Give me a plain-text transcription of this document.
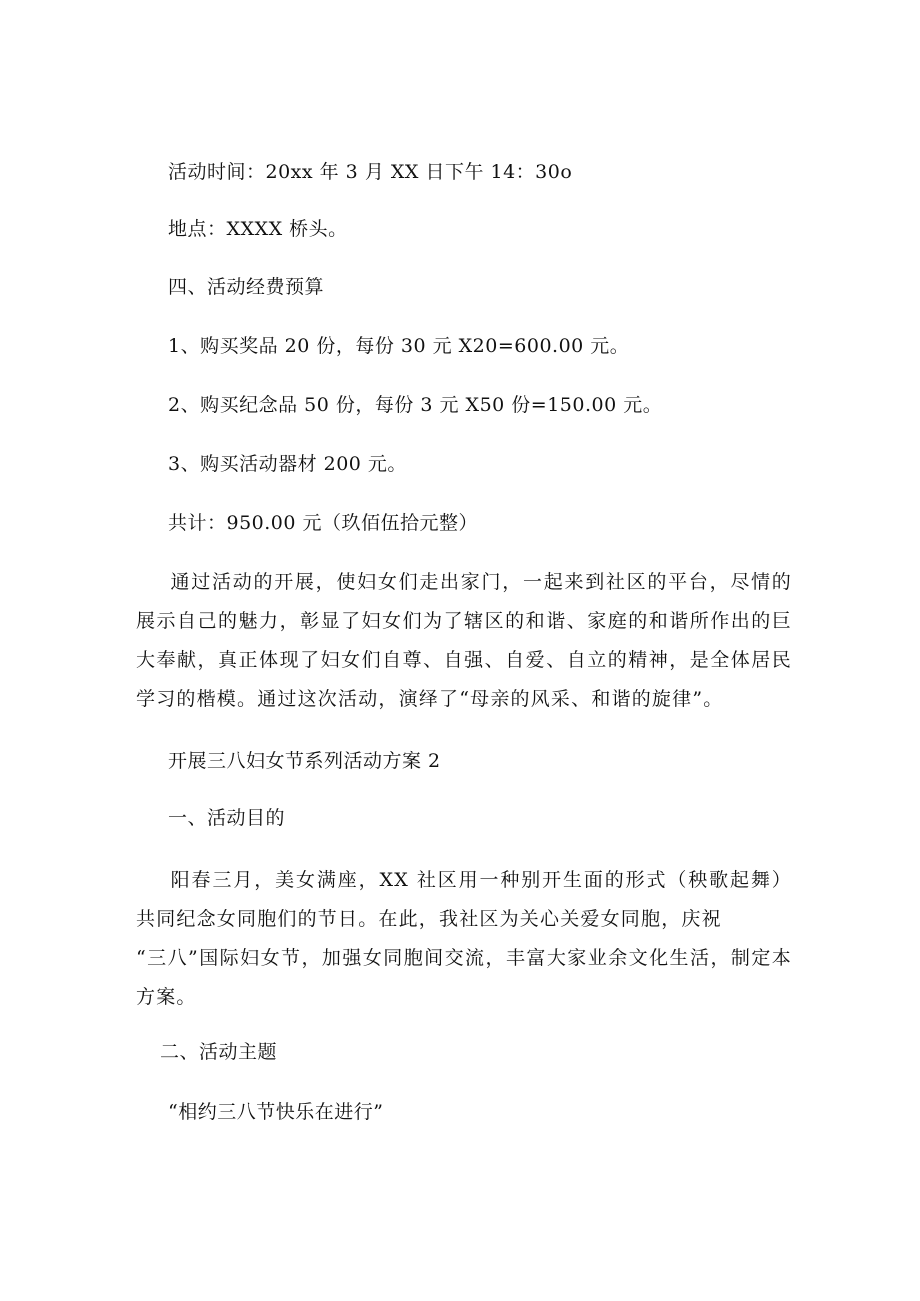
活动时间：20xx 年 3 月 XX 日下午 14：30o
地点：XXXX 桥头。
四、活动经费预算
1、购买奖品 20 份，每份 30 元 X20=600.00 元。
2、购买纪念品 50 份，每份 3 元 X50 份=150.00 元。
3、购买活动器材 200 元。
共计：950.00 元（玖佰伍拾元整）
通过活动的开展，使妇女们走出家门，一起来到社区的平台，尽情的展示自己的魅力，彰显了妇女们为了辖区的和谐、家庭的和谐所作出的巨大奉献，真正体现了妇女们自尊、自强、自爱、自立的精神，是全体居民学习的楷模。通过这次活动，演绎了“母亲的风采、和谐的旋律”。
开展三八妇女节系列活动方案 2
一、活动目的
阳春三月，美女满座，XX 社区用一种别开生面的形式（秧歌起舞）共同纪念女同胞们的节日。在此，我社区为关心关爱女同胞，庆祝
“三八”国际妇女节，加强女同胞间交流，丰富大家业余文化生活，制定本方案。
二、活动主题
“相约三八节快乐在进行”
